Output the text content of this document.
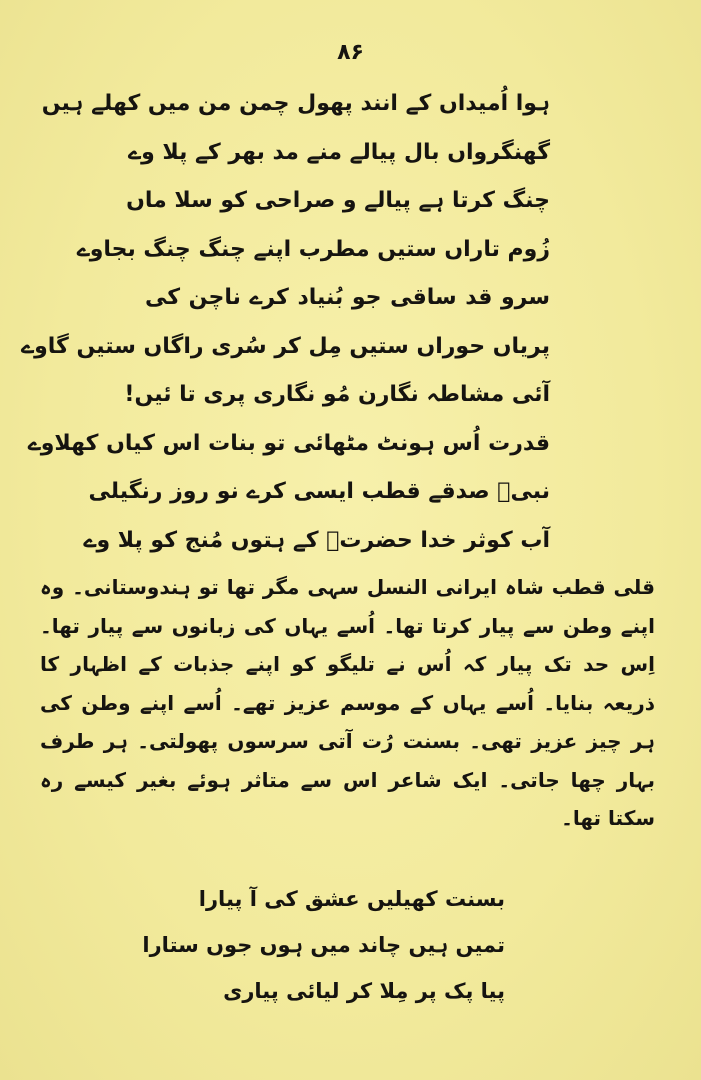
۸۶
ہوا اُمیداں کے انند پھول چمن من میں کھلے ہیں
گھنگرواں بال پیالے منے مد بھر کے پلا وے
چنگ کرتا ہے پیالے و صراحی کو سلا ماں
زُوم تاراں ستیں مطرب اپنے چنگ چنگ بجاوے
سرو قد ساقی جو بُنیاد کرے ناچن کی
پریاں حوراں ستیں مِل کر سُری راگاں ستیں گاوے
آئی مشاطہ نگارن مُو نگاری پری تا ئیں!
قدرت اُس ہونٹ مٹھائی تو بنات اس کیاں کھلاوے
نبیؐ صدقے قطب ایسی کرے نو روز رنگیلی
آب کوثر خدا حضرتؐ کے ہتوں مُنج کو پلا وے

قلی قطب شاہ ایرانی النسل سہی مگر تھا تو ہندوستانی۔ وہ اپنے وطن سے پیار کرتا تھا۔ اُسے یہاں کی زبانوں سے پیار تھا۔ اِس حد تک پیار کہ اُس نے تلیگو کو اپنے جذبات کے اظہار کا ذریعہ بنایا۔ اُسے یہاں کے موسم عزیز تھے۔ اُسے اپنے وطن کی ہر چیز عزیز تھی۔ بسنت رُت آتی سرسوں پھولتی۔ ہر طرف بہار چھا جاتی۔ ایک شاعر اس سے متاثر ہوئے بغیر کیسے رہ سکتا تھا۔

بسنت کھیلیں عشق کی آ پیارا
تمیں ہیں چاند میں ہوں جوں ستارا
پیا پک پر مِلا کر لیائی پیاری
